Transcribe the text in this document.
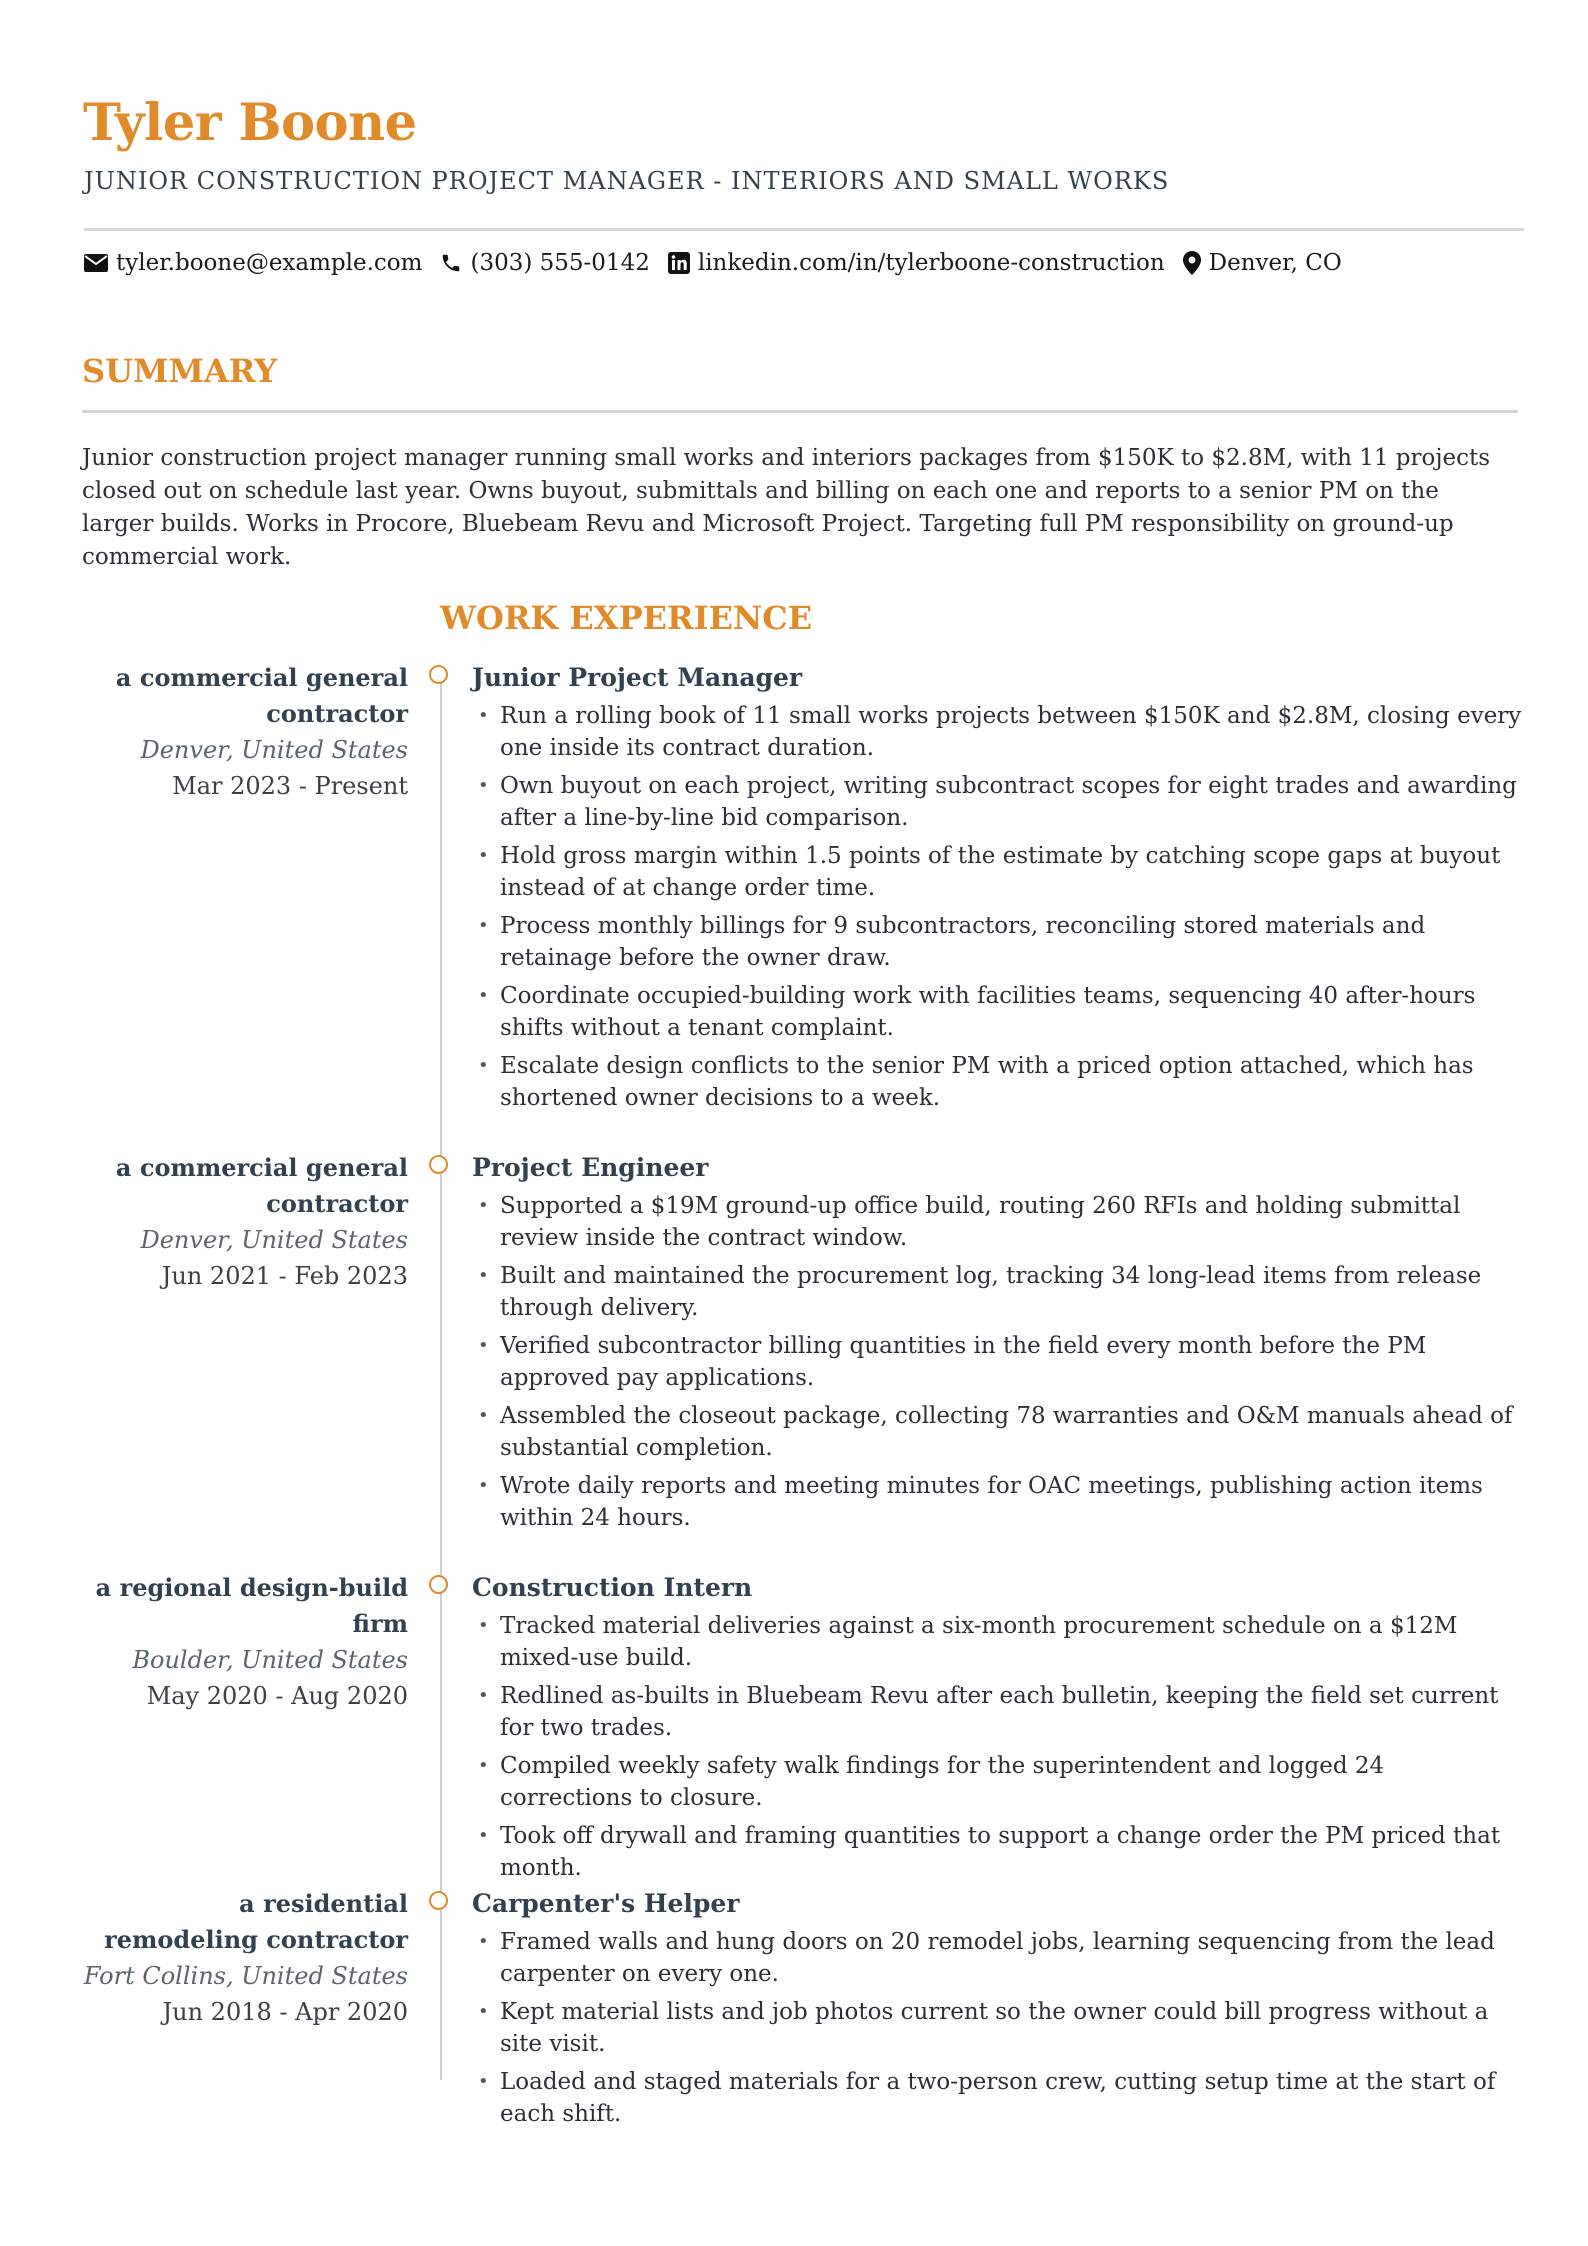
Tyler Boone
JUNIOR CONSTRUCTION PROJECT MANAGER - INTERIORS AND SMALL WORKS
tyler.boone@example.com (303) 555-0142 linkedin.com/in/tylerboone-construction Denver, CO
SUMMARY
Junior construction project manager running small works and interiors packages from $150K to $2.8M, with 11 projects closed out on schedule last year. Owns buyout, submittals and billing on each one and reports to a senior PM on the larger builds. Works in Procore, Bluebeam Revu and Microsoft Project. Targeting full PM responsibility on ground-up commercial work.
WORK EXPERIENCE
a commercial general contractor
Denver, United States
Mar 2023 - Present
Junior Project Manager
• Run a rolling book of 11 small works projects between $150K and $2.8M, closing every one inside its contract duration.
• Own buyout on each project, writing subcontract scopes for eight trades and awarding after a line-by-line bid comparison.
• Hold gross margin within 1.5 points of the estimate by catching scope gaps at buyout instead of at change order time.
• Process monthly billings for 9 subcontractors, reconciling stored materials and retainage before the owner draw.
• Coordinate occupied-building work with facilities teams, sequencing 40 after-hours shifts without a tenant complaint.
• Escalate design conflicts to the senior PM with a priced option attached, which has shortened owner decisions to a week.
a commercial general contractor
Denver, United States
Jun 2021 - Feb 2023
Project Engineer
• Supported a $19M ground-up office build, routing 260 RFIs and holding submittal review inside the contract window.
• Built and maintained the procurement log, tracking 34 long-lead items from release through delivery.
• Verified subcontractor billing quantities in the field every month before the PM approved pay applications.
• Assembled the closeout package, collecting 78 warranties and O&M manuals ahead of substantial completion.
• Wrote daily reports and meeting minutes for OAC meetings, publishing action items within 24 hours.
a regional design-build firm
Boulder, United States
May 2020 - Aug 2020
Construction Intern
• Tracked material deliveries against a six-month procurement schedule on a $12M mixed-use build.
• Redlined as-builts in Bluebeam Revu after each bulletin, keeping the field set current for two trades.
• Compiled weekly safety walk findings for the superintendent and logged 24 corrections to closure.
• Took off drywall and framing quantities to support a change order the PM priced that month.
a residential remodeling contractor
Fort Collins, United States
Jun 2018 - Apr 2020
Carpenter's Helper
• Framed walls and hung doors on 20 remodel jobs, learning sequencing from the lead carpenter on every one.
• Kept material lists and job photos current so the owner could bill progress without a site visit.
• Loaded and staged materials for a two-person crew, cutting setup time at the start of each shift.
